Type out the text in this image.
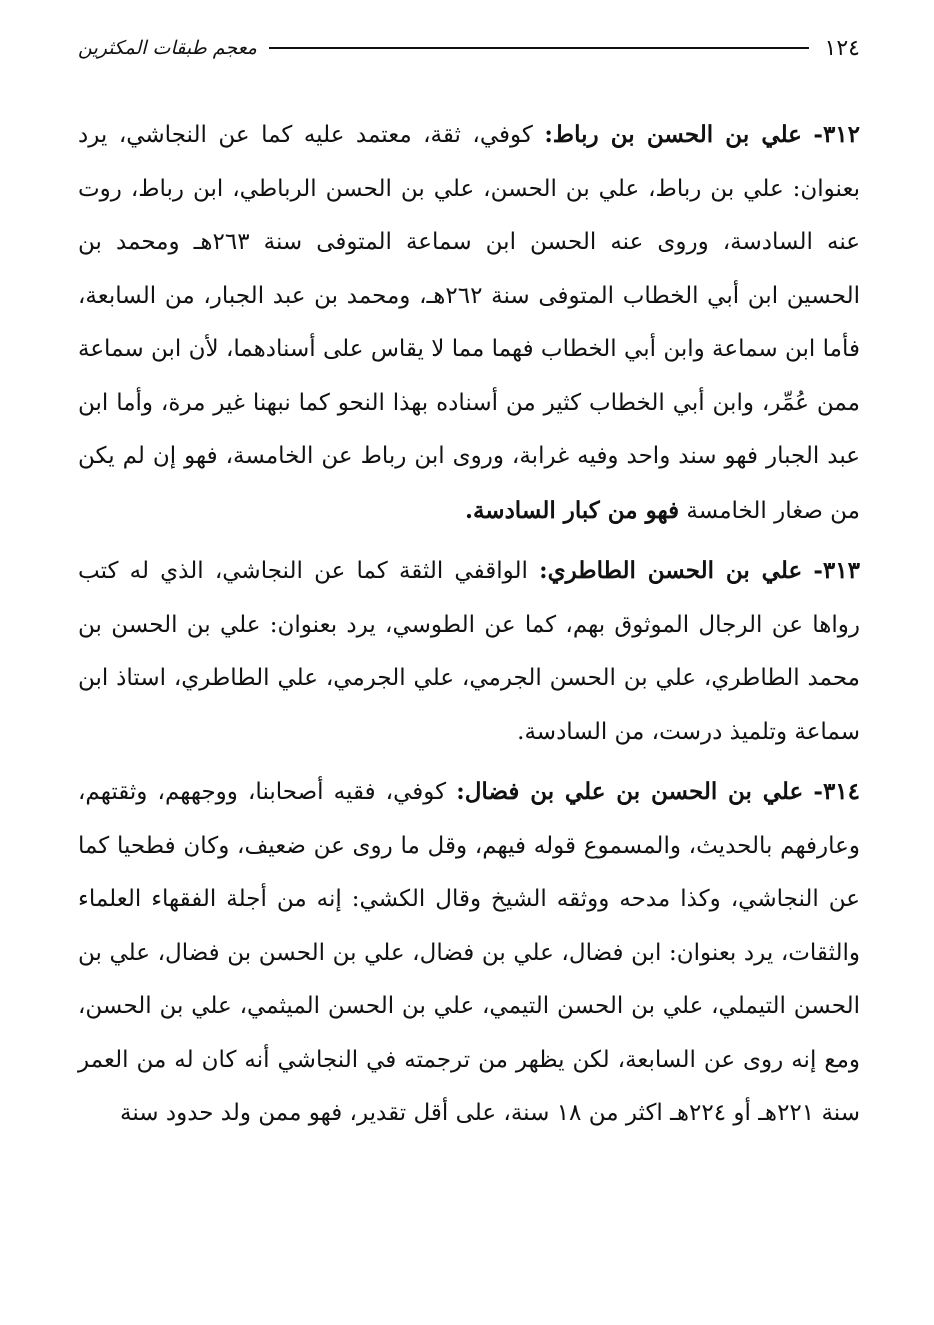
١٢٤
معجم طبقات المكثرين

٣١٢- علي بن الحسن بن رباط: كوفي، ثقة، معتمد عليه كما عن النجاشي، يرد بعنوان: علي بن رباط، علي بن الحسن، علي بن الحسن الرباطي، ابن رباط، روت عنه السادسة، وروى عنه الحسن ابن سماعة المتوفى سنة ٢٦٣هـ ومحمد بن الحسين ابن أبي الخطاب المتوفى سنة ٢٦٢هـ، ومحمد بن عبد الجبار، من السابعة، فأما ابن سماعة وابن أبي الخطاب فهما مما لا يقاس على أسنادهما، لأن ابن سماعة ممن عُمِّر، وابن أبي الخطاب كثير من أسناده بهذا النحو كما نبهنا غير مرة، وأما ابن عبد الجبار فهو سند واحد وفيه غرابة، وروى ابن رباط عن الخامسة، فهو إن لم يكن من صغار الخامسة فهو من كبار السادسة.

٣١٣- علي بن الحسن الطاطري: الواقفي الثقة كما عن النجاشي، الذي له كتب رواها عن الرجال الموثوق بهم، كما عن الطوسي، يرد بعنوان: علي بن الحسن بن محمد الطاطري، علي بن الحسن الجرمي، علي الجرمي، علي الطاطري، استاذ ابن سماعة وتلميذ درست، من السادسة.

٣١٤- علي بن الحسن بن علي بن فضال: كوفي، فقيه أصحابنا، ووجههم، وثقتهم، وعارفهم بالحديث، والمسموع قوله فيهم، وقل ما روى عن ضعيف، وكان فطحيا كما عن النجاشي، وكذا مدحه ووثقه الشيخ وقال الكشي: إنه من أجلة الفقهاء العلماء والثقات، يرد بعنوان: ابن فضال، علي بن فضال، علي بن الحسن بن فضال، علي بن الحسن التيملي، علي بن الحسن التيمي، علي بن الحسن الميثمي، علي بن الحسن، ومع إنه روى عن السابعة، لكن يظهر من ترجمته في النجاشي أنه كان له من العمر سنة ٢٢١هـ أو ٢٢٤هـ اكثر من ١٨ سنة، على أقل تقدير، فهو ممن ولد حدود سنة
